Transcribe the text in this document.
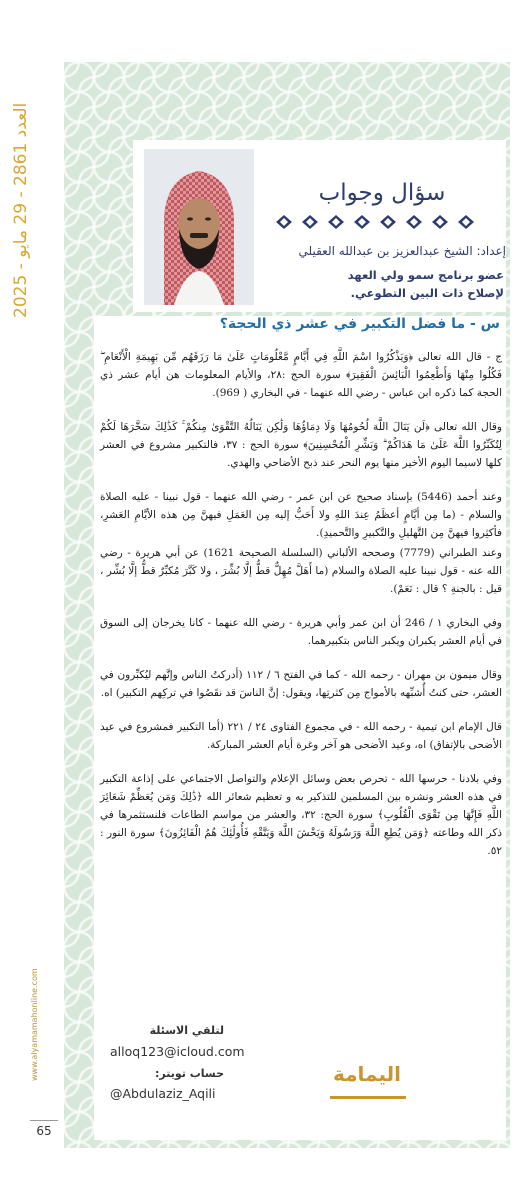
العدد 2861 - 29 مايو - 2025
www.alyamamahonline.com
65
سؤال وجواب
إعداد: الشيخ عبدالعزيز بن عبدالله العقيلي
عضو برنامج سمو ولي العهد
لإصلاح ذات البين التطوعي.
س - ما فضل التكبير في عشر ذي الحجة؟

ج - قال الله تعالى ﴿وَيَذْكُرُوا اسْمَ اللَّهِ فِي أَيَّامٍ مَّعْلُومَاتٍ عَلَىٰ مَا رَزَقَهُم مِّن بَهِيمَةِ الْأَنْعَامِ ۖ فَكُلُوا مِنْهَا وَأَطْعِمُوا الْبَائِسَ الْفَقِيرَ﴾ سورة الحج :٢٨، والأيام المعلومات هن أيام عشر ذي الحجة كما ذكره ابن عباس - رضي الله عنهما - في البخاري ( 969).

وقال الله تعالى ﴿لَن يَنَالَ اللَّهَ لُحُومُهَا وَلَا دِمَاؤُهَا وَلَٰكِن يَنَالُهُ التَّقْوَىٰ مِنكُمْ ۚ كَذَٰلِكَ سَخَّرَهَا لَكُمْ لِتُكَبِّرُوا اللَّهَ عَلَىٰ مَا هَدَاكُمْ ۗ وَبَشِّرِ الْمُحْسِنِينَ﴾ سورة الحج : ٣٧، فالتكبير مشروع في العشر كلها لاسيما اليوم الأخير منها يوم النحر عند ذبح الأضاحي والهدي.

وعند أحمد (5446) بإسناد صحيح عن ابن عمر - رضي الله عنهما - قول نبينا - عليه الصلاة والسلام - (ما مِن أيَّامٍ أعظَمُ عِندَ اللهِ ولا أَحَبُّ إليه مِن العَمَلِ فيهنَّ مِن هذه الأيَّامِ العَشرِ، فأكثِروا فيهنَّ مِن التَّهليلِ والتَّكبيرِ والتَّحميدِ).

وعند الطبراني (7779) وصححه الألباني (السلسلة الصحيحة 1621) عن أبي هريرة - رضي الله عنه - قول نبينا عليه الصلاة والسلام (ما أَهَلَّ مُهِلٌّ قطُّ إلَّا بُشِّرَ ، ولا كَبَّرَ مُكبِّرٌ قطُّ إلَّا بُشِّر ، قيل : بالجنةِ ؟ قال : نَعَمْ).

وفي البخاري ١ / 246 أن ابن عمر وأبي هريرة - رضي الله عنهما - كانا يخرجان إلى السوق في أيام العشر يكبران ويكبر الناس بتكبيرهما.

وقال ميمون بن مهران - رحمه الله - كما في الفتح ٦ / ١١٢ (أدركتُ الناس وإنَّهم ليُكبِّرون في العشر، حتى كنتُ أُشبِّهه بالأمواج مِن كثرتِها، ويقول: إنَّ الناسَ قد نقَصُوا في تركِهم التكبير) اه.

قال الإمام ابن تيمية - رحمه الله - في مجموع الفتاوى ٢٤ / ٢٢١ (أما التكبير فمشروع في عيد الأضحى بالإتفاق) اه، وعيد الأضحى هو آخر وغرة أيام العشر المباركة.

وفي بلادنا - حرسها الله - تحرص بعض وسائل الإعلام والتواصل الاجتماعي على إذاعة التكبير في هذه العشر ونشره بين المسلمين للتذكير به و تعظيم شعائر الله ﴿ذَٰلِكَ وَمَن يُعَظِّمْ شَعَائِرَ اللَّهِ فَإِنَّهَا مِن تَقْوَى الْقُلُوبِ﴾ سورة الحج: ٣٢، والعشر من مواسم الطاعات فلنستثمرها في ذكر الله وطاعته ﴿وَمَن يُطِعِ اللَّهَ وَرَسُولَهُ وَيَخْشَ اللَّهَ وَيَتَّقْهِ فَأُولَٰئِكَ هُمُ الْفَائِزُونَ﴾ سورة النور : ٥٢.

لتلقي الاسئلة
alloq123@icloud.com
حساب تويتر:
@Abdulaziz_Aqili
اليمامة
